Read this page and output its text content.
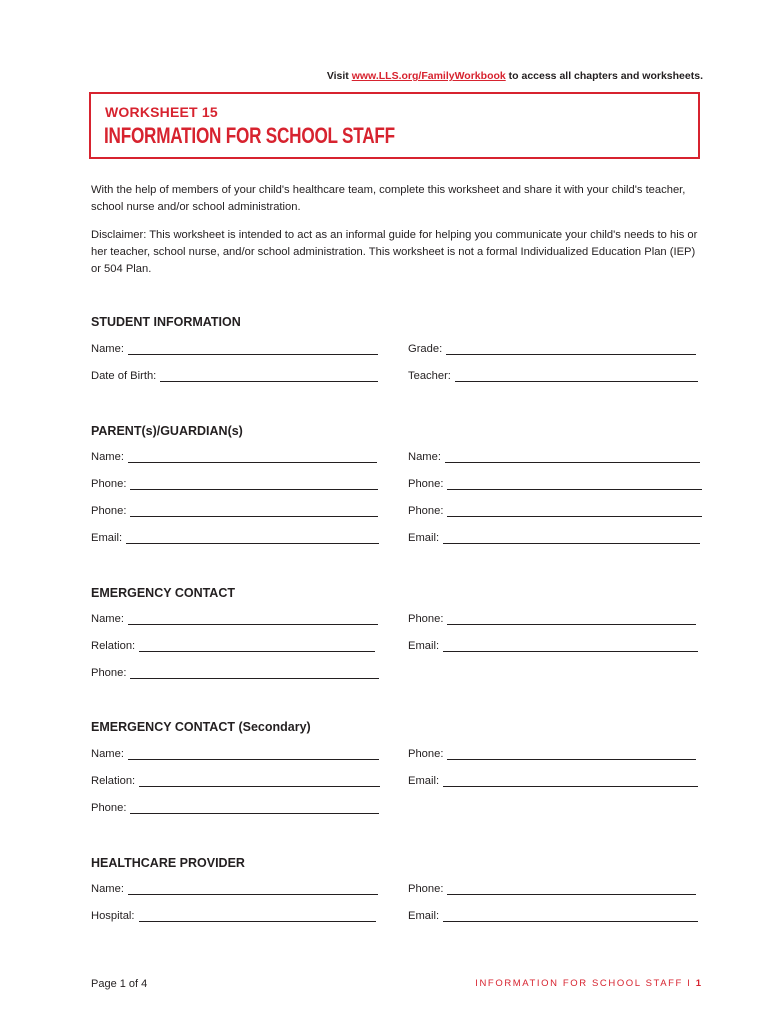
Visit www.LLS.org/FamilyWorkbook to access all chapters and worksheets.
WORKSHEET 15
INFORMATION FOR SCHOOL STAFF
With the help of members of your child's healthcare team, complete this worksheet and share it with your child's teacher, school nurse and/or school administration.
Disclaimer: This worksheet is intended to act as an informal guide for helping you communicate your child's needs to his or her teacher, school nurse, and/or school administration. This worksheet is not a formal Individualized Education Plan (IEP) or 504 Plan.
STUDENT INFORMATION
Name:	Grade:
Date of Birth:	Teacher:
PARENT(s)/GUARDIAN(s)
Name:	Name:
Phone:	Phone:
Phone:	Phone:
Email:	Email:
EMERGENCY CONTACT
Name:	Phone:
Relation:	Email:
Phone:
EMERGENCY CONTACT (Secondary)
Name:	Phone:
Relation:	Email:
Phone:
HEALTHCARE PROVIDER
Name:	Phone:
Hospital:	Email:
Page 1 of 4	INFORMATION FOR SCHOOL STAFF I 1
